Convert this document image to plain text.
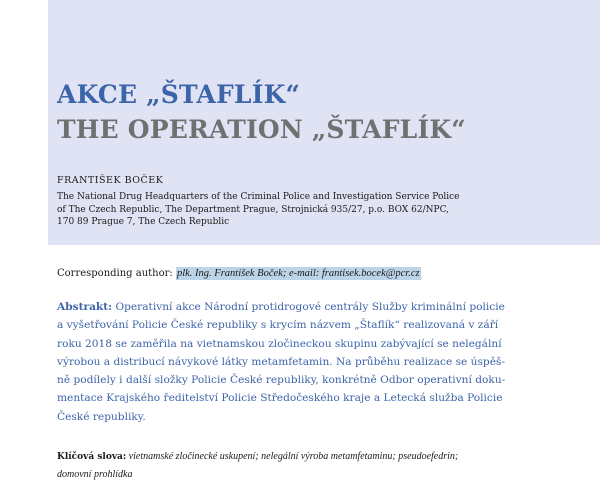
AKCE „ŠTAFLÍK“
THE OPERATION „ŠTAFLÍK“
FRANTIŠEK BOČEK
The National Drug Headquarters of the Criminal Police and Investigation Service Police
of The Czech Republic, The Department Prague, Strojnická 935/27, p.o. BOX 62/NPC,
170 89 Prague 7, The Czech Republic
Corresponding author: plk. Ing. František Boček; e-mail: frantisek.bocek@pcr.cz
Abstrakt: Operativní akce Národní protidrogové centrály Služby kriminální policie
a vyšetřování Policie České republiky s krycím názvem „Štaflík“ realizovaná v září
roku 2018 se zaměřila na vietnamskou zločineckou skupinu zabývající se nelegální
výrobou a distribucí návykové látky metamfetamin. Na průběhu realizace se úspěš-
ně podílely i další složky Policie České republiky, konkrétně Odbor operativní doku-
mentace Krajského ředitelství Policie Středočeského kraje a Letecká služba Policie
České republiky.
Klíčová slova: vietnamské zločinecké uskupení; nelegální výroba metamfetaminu; pseudoefedrin;
domovní prohlídka
